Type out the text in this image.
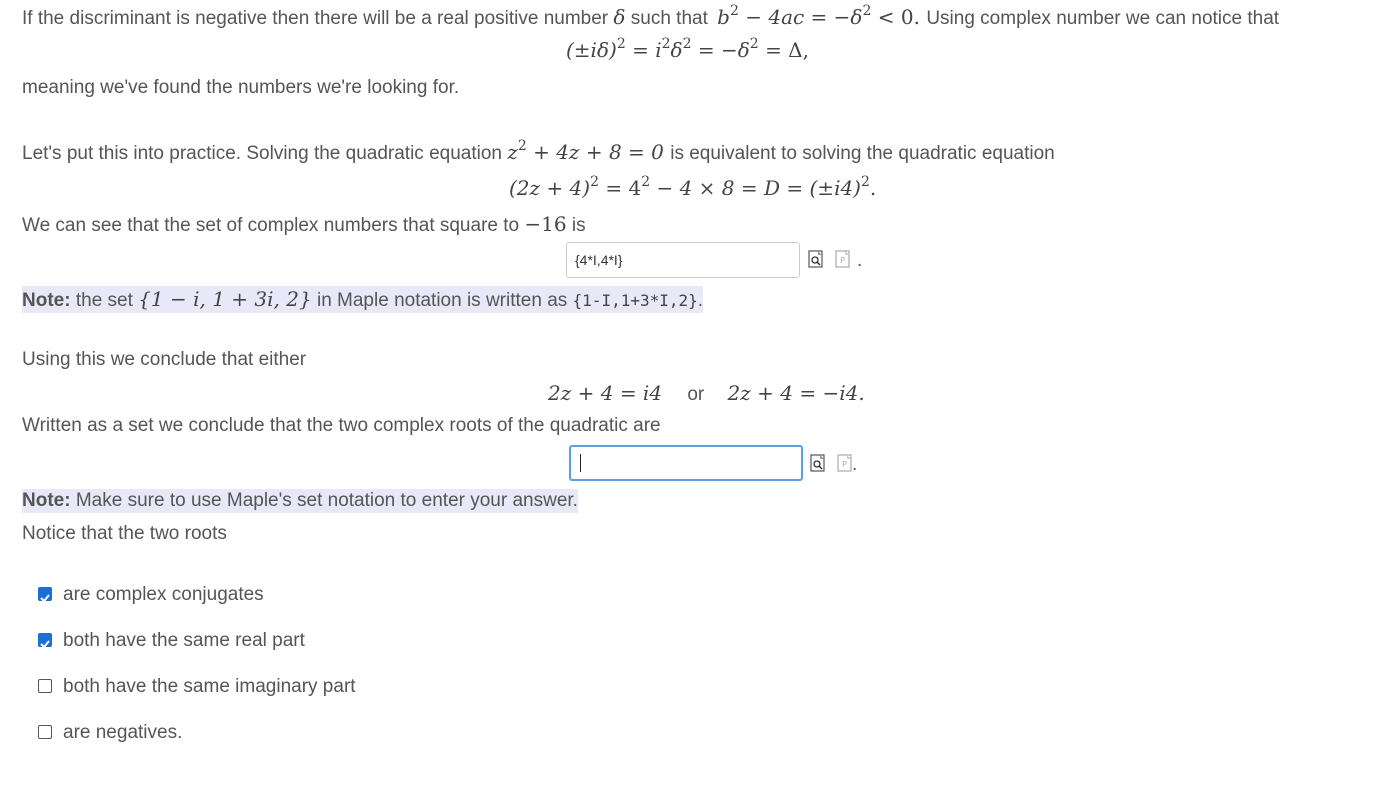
If the discriminant is negative then there will be a real positive number δ such that $b^2 - 4ac = -\delta^2 < 0$. Using complex number we can notice that
$(\pm i\delta)^2 = i^2\delta^2 = -\delta^2 = \Delta$,
meaning we've found the numbers we're looking for.
Let's put this into practice. Solving the quadratic equation $z^2 + 4z + 8 = 0$ is equivalent to solving the quadratic equation
$(2z + 4)^2 = 4^2 - 4 \times 8 = D = (\pm i4)^2$.
We can see that the set of complex numbers that square to −16 is
{4*I,4*I}
P .
Note: the set {1 − i, 1 + 3i, 2} in Maple notation is written as {1-I,1+3*I,2}.
Using this we conclude that either
2z + 4 = i4 or 2z + 4 = −i4.
Written as a set we conclude that the two complex roots of the quadratic are
P .
Note: Make sure to use Maple's set notation to enter your answer.
Notice that the two roots
are complex conjugates
both have the same real part
both have the same imaginary part
are negatives.
